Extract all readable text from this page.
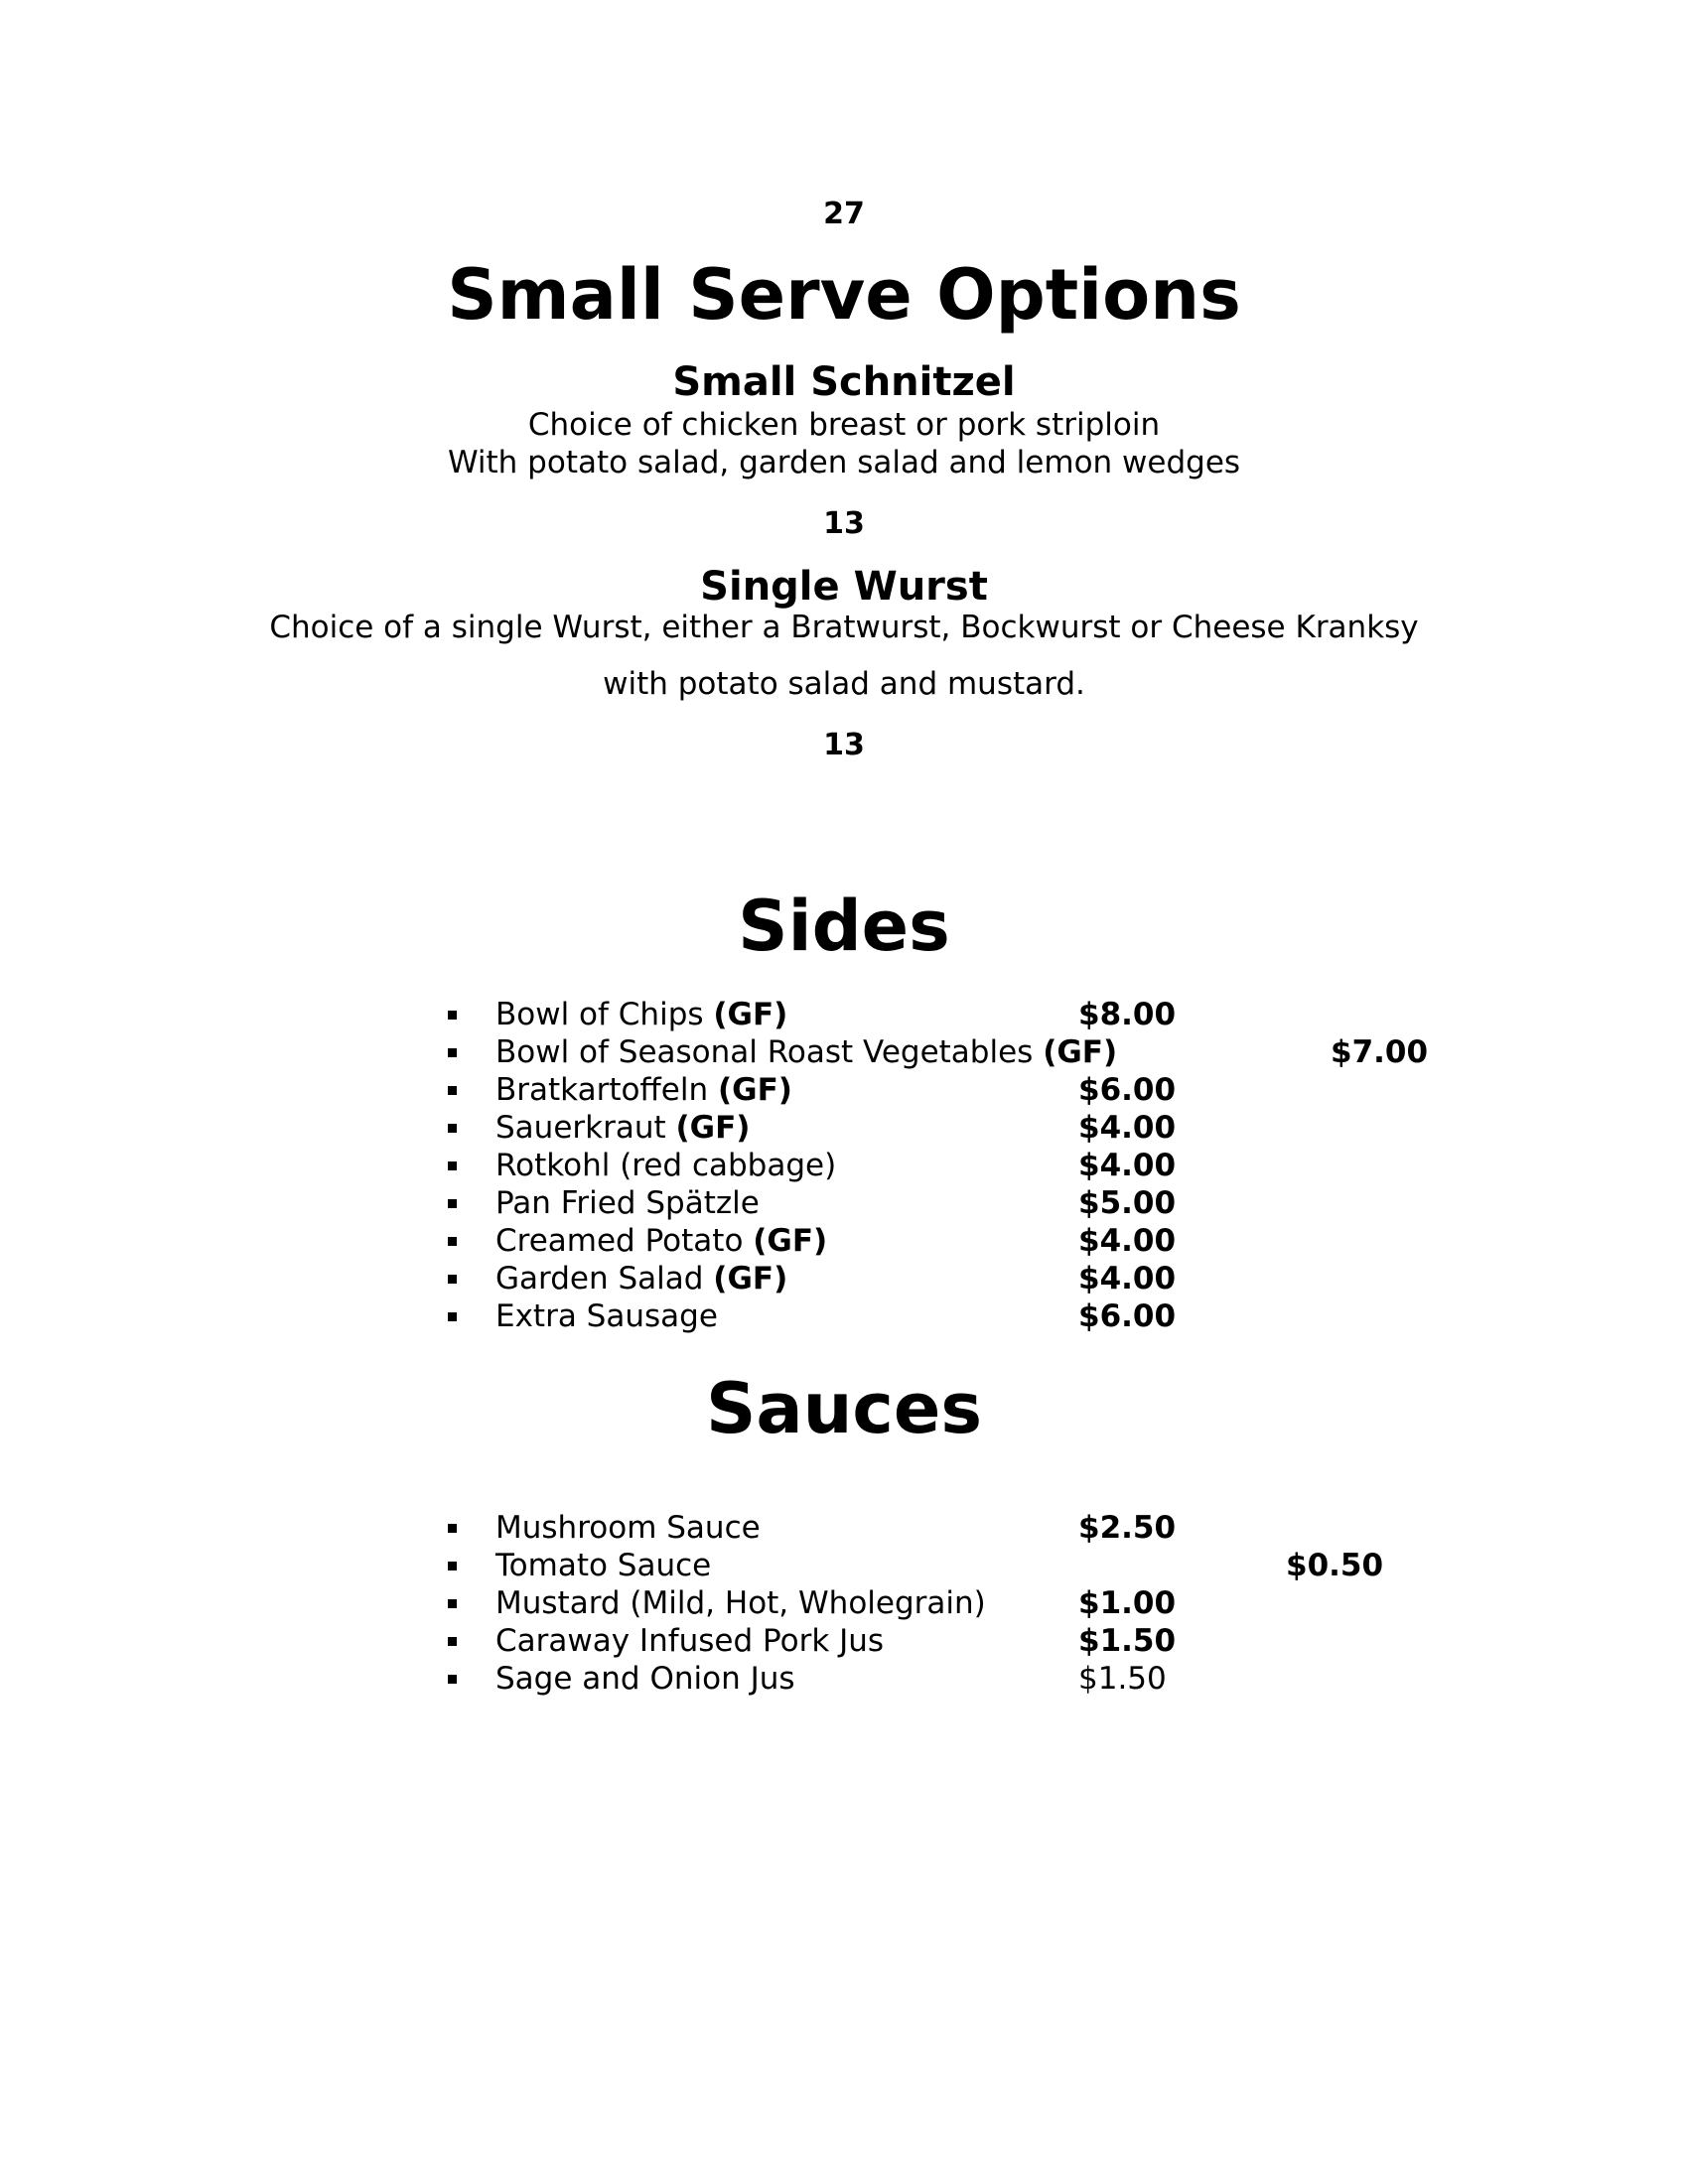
27
Small Serve Options
Small Schnitzel
Choice of chicken breast or pork striploin
With potato salad, garden salad and lemon wedges
13
Single Wurst
Choice of a single Wurst, either a Bratwurst, Bockwurst or Cheese Kranksy
with potato salad and mustard.
13
Sides
Bowl of Chips (GF)	$8.00
Bowl of Seasonal Roast Vegetables (GF)	$7.00
Bratkartoffeln (GF)	$6.00
Sauerkraut (GF)	$4.00
Rotkohl (red cabbage)	$4.00
Pan Fried Spätzle	$5.00
Creamed Potato (GF)	$4.00
Garden Salad (GF)	$4.00
Extra Sausage	$6.00
Sauces
Mushroom Sauce	$2.50
Tomato Sauce	$0.50
Mustard (Mild, Hot, Wholegrain)	$1.00
Caraway Infused Pork Jus	$1.50
Sage and Onion Jus	$1.50
